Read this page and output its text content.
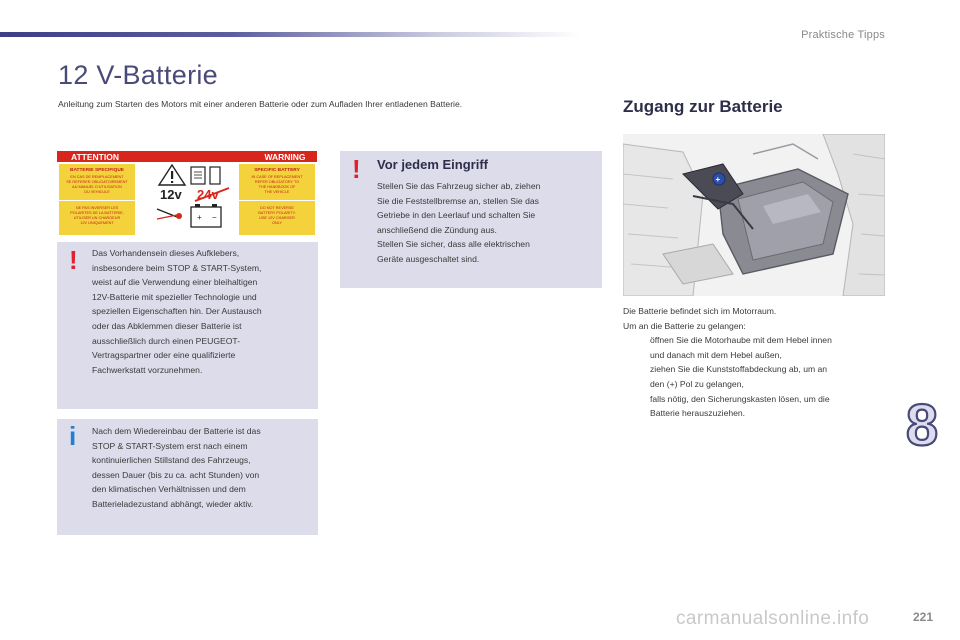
Praktische Tipps
12 V-Batterie
Anleitung zum Starten des Motors mit einer anderen Batterie oder zum Aufladen Ihrer entladenen Batterie.	Zugang zur Batterie
ATTENTION	WARNING
BATTERIE SPECIFIQUE
EN CAS DE REMPLACEMENT
SE REFERER OBLIGATOIREMENT
AU MANUEL D'UTILISATION
DU VEHICULE
NE PAS INVERSER LES
POLARITES DE LA BATTERIE,
UTILISER UN CHARGEUR
12V UNIQUEMENT
SPECIFIC BATTERY
IN CASE OF REPLACEMENT
REFER OBLIGATORY TO
THE HANDBOOK OF
THE VEHICLE
DO NOT REVERSE
BATTERY POLARITY.
USE 12V CHARGER
ONLY
12v 24v
+ −
! Das Vorhandensein dieses Aufklebers,
insbesondere beim STOP & START-System,
weist auf die Verwendung einer bleihaltigen
12V-Batterie mit spezieller Technologie und
speziellen Eigenschaften hin. Der Austausch
oder das Abklemmen dieser Batterie ist
ausschließlich durch einen PEUGEOT-
Vertragspartner oder eine qualifizierte
Fachwerkstatt vorzunehmen.
i Nach dem Wiedereinbau der Batterie ist das
STOP & START-System erst nach einem
kontinuierlichen Stillstand des Fahrzeugs,
dessen Dauer (bis zu ca. acht Stunden) von
den klimatischen Verhältnissen und dem
Batterieladezustand abhängt, wieder aktiv.
! Vor jedem Eingriff
Stellen Sie das Fahrzeug sicher ab, ziehen
Sie die Feststellbremse an, stellen Sie das
Getriebe in den Leerlauf und schalten Sie
anschließend die Zündung aus.
Stellen Sie sicher, dass alle elektrischen
Geräte ausgeschaltet sind.
+
Die Batterie befindet sich im Motorraum.
Um an die Batterie zu gelangen:
öffnen Sie die Motorhaube mit dem Hebel innen
und danach mit dem Hebel außen,
ziehen Sie die Kunststoffabdeckung ab, um an
den (+) Pol zu gelangen,
falls nötig, den Sicherungskasten lösen, um die
Batterie herauszuziehen.	8
carmanualsonline.info	221
